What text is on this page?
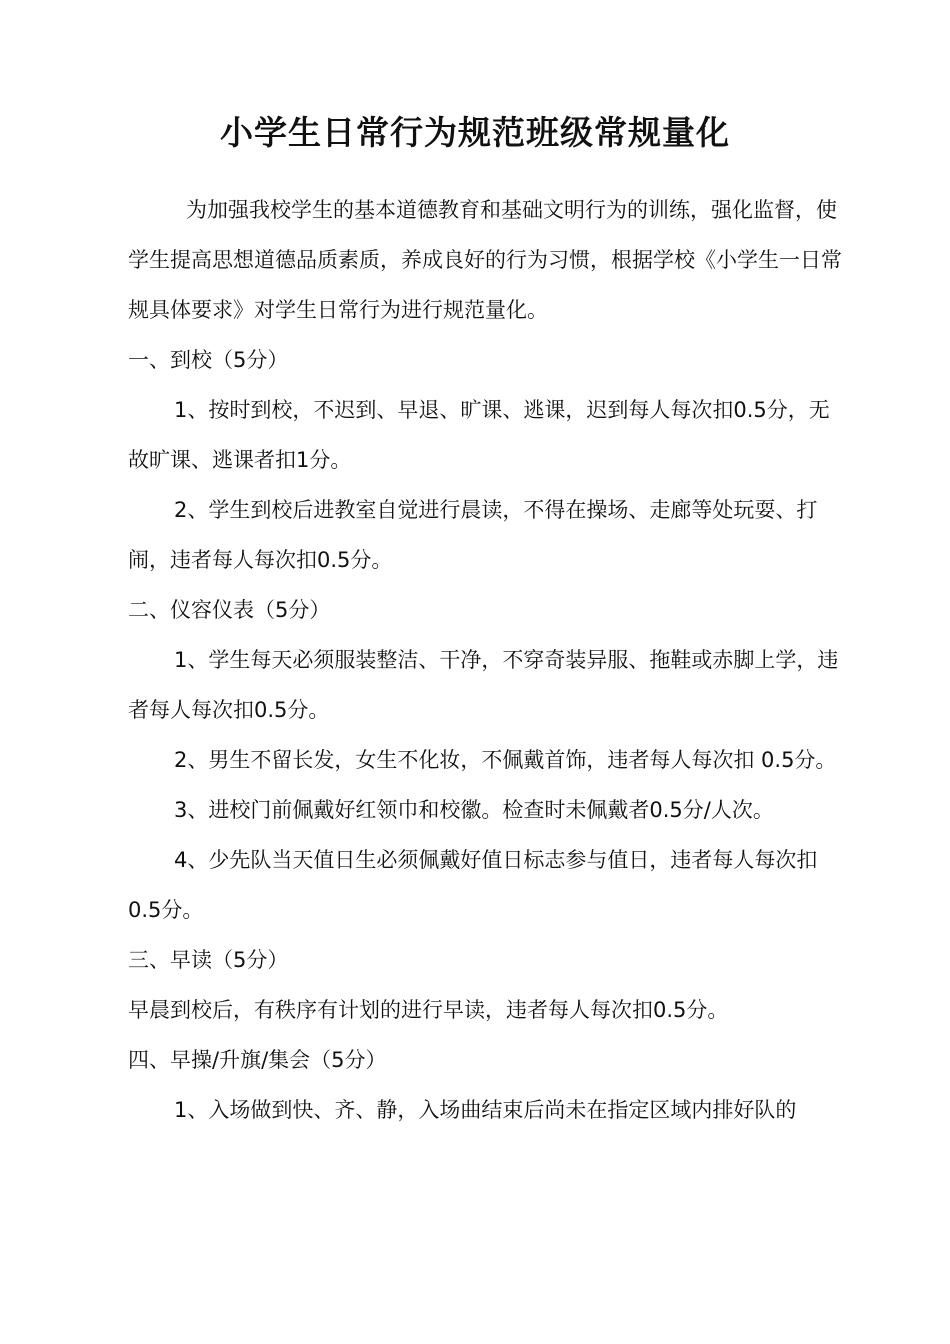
小学生日常行为规范班级常规量化

为加强我校学生的基本道德教育和基础文明行为的训练，强化监督，使学生提高思想道德品质素质，养成良好的行为习惯，根据学校《小学生一日常规具体要求》对学生日常行为进行规范量化。

一、到校（5分）

1、按时到校，不迟到、早退、旷课、逃课，迟到每人每次扣0.5分，无故旷课、逃课者扣1分。

2、学生到校后进教室自觉进行晨读，不得在操场、走廊等处玩耍、打闹，违者每人每次扣0.5分。

二、仪容仪表（5分）

1、学生每天必须服装整洁、干净，不穿奇装异服、拖鞋或赤脚上学，违者每人每次扣0.5分。

2、男生不留长发，女生不化妆，不佩戴首饰，违者每人每次扣 0.5分。

3、进校门前佩戴好红领巾和校徽。检查时未佩戴者0.5分/人次。

4、少先队当天值日生必须佩戴好值日标志参与值日，违者每人每次扣0.5分。

三、早读（5分）

早晨到校后，有秩序有计划的进行早读，违者每人每次扣0.5分。

四、早操/升旗/集会（5分）

1、入场做到快、齐、静，入场曲结束后尚未在指定区域内排好队的
